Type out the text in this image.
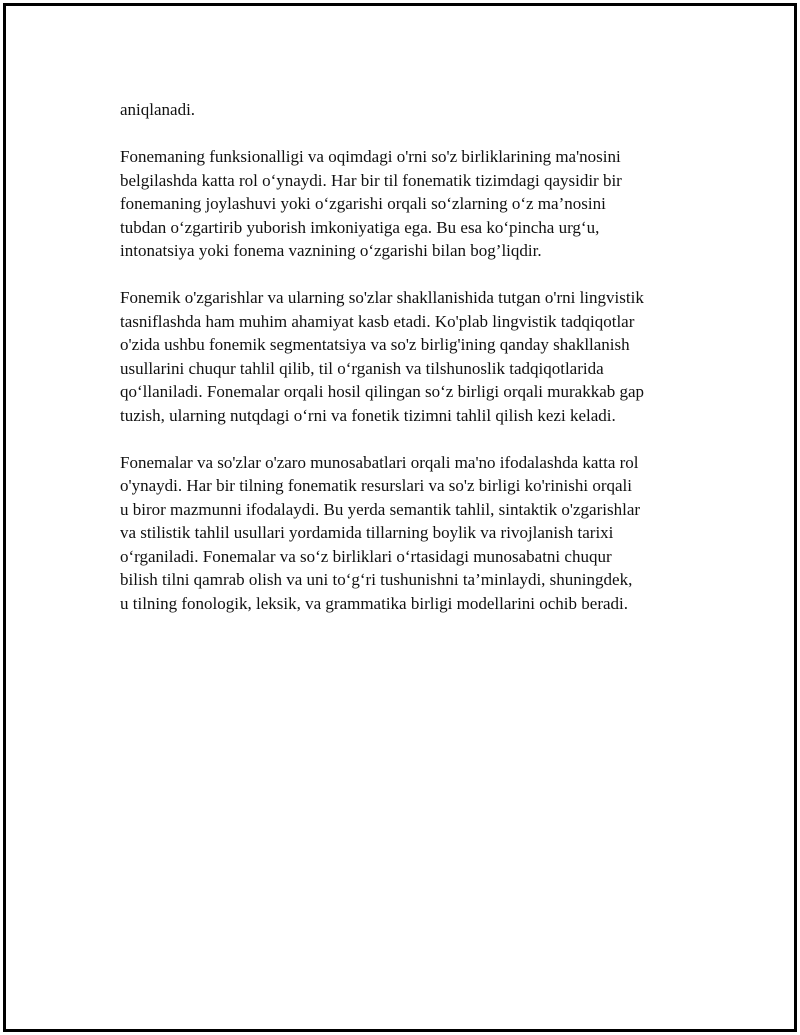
aniqlanadi.

Fonemaning funksionalligi va oqimdagi o'rni so'z birliklarining ma'nosini
belgilashda katta rol o‘ynaydi. Har bir til fonematik tizimdagi qaysidir bir
fonemaning joylashuvi yoki o‘zgarishi orqali so‘zlarning o‘z ma’nosini
tubdan o‘zgartirib yuborish imkoniyatiga ega. Bu esa ko‘pincha urg‘u,
intonatsiya yoki fonema vaznining o‘zgarishi bilan bog’liqdir.

Fonemik o'zgarishlar va ularning so'zlar shakllanishida tutgan o'rni lingvistik
tasniflashda ham muhim ahamiyat kasb etadi. Ko'plab lingvistik tadqiqotlar
o'zida ushbu fonemik segmentatsiya va so'z birlig'ining qanday shakllanish
usullarini chuqur tahlil qilib, til o‘rganish va tilshunoslik tadqiqotlarida
qo‘llaniladi. Fonemalar orqali hosil qilingan so‘z birligi orqali murakkab gap
tuzish, ularning nutqdagi o‘rni va fonetik tizimni tahlil qilish kezi keladi.

Fonemalar va so'zlar o'zaro munosabatlari orqali ma'no ifodalashda katta rol
o'ynaydi. Har bir tilning fonematik resurslari va so'z birligi ko'rinishi orqali
u biror mazmunni ifodalaydi. Bu yerda semantik tahlil, sintaktik o'zgarishlar
va stilistik tahlil usullari yordamida tillarning boylik va rivojlanish tarixi
o‘rganiladi. Fonemalar va so‘z birliklari o‘rtasidagi munosabatni chuqur
bilish tilni qamrab olish va uni to‘g‘ri tushunishni ta’minlaydi, shuningdek,
u tilning fonologik, leksik, va grammatika birligi modellarini ochib beradi.
